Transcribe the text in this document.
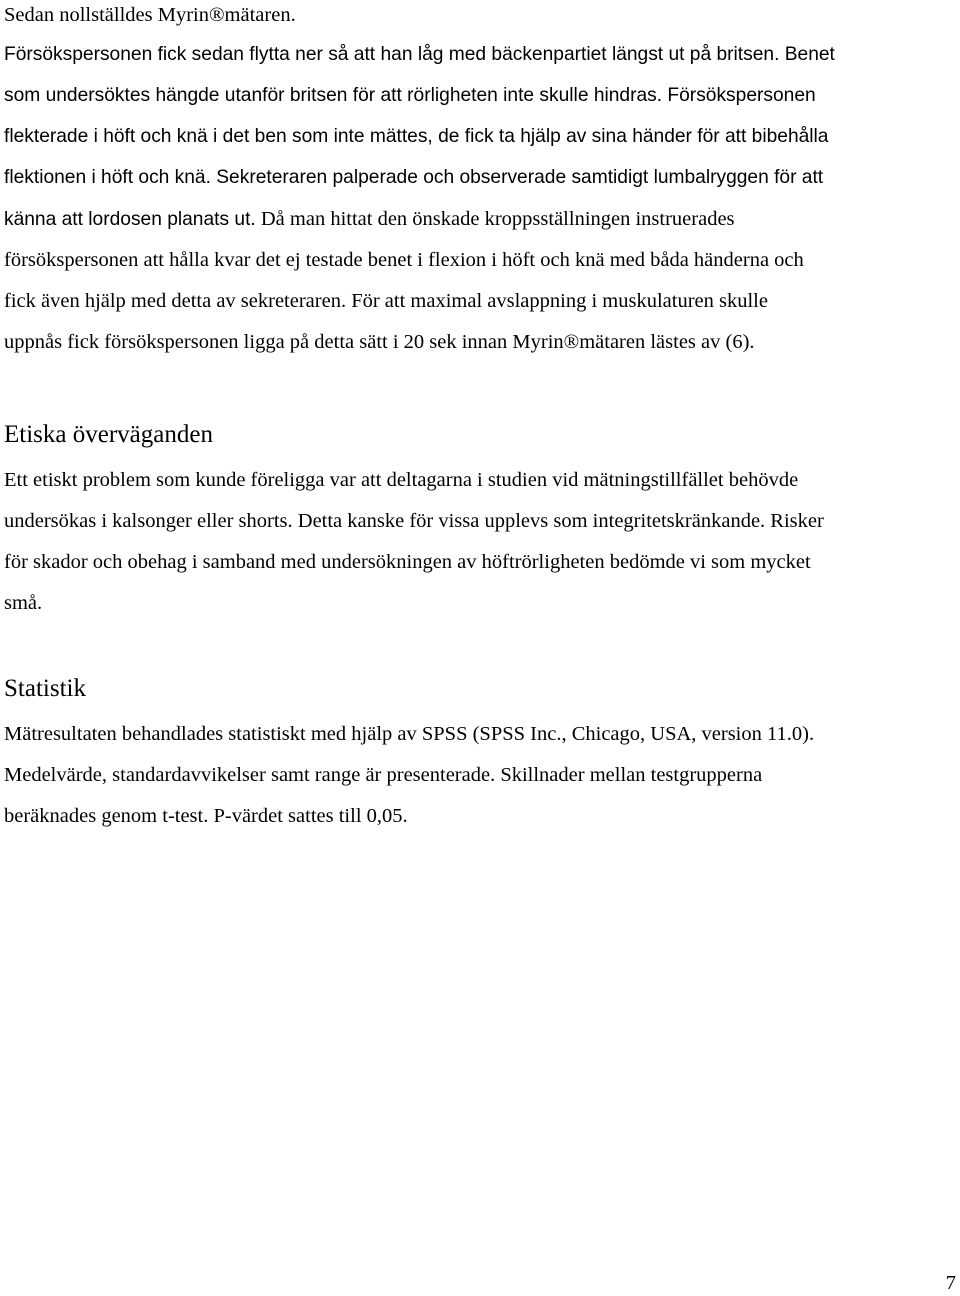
Sedan nollställdes Myrin®mätaren.
Försökspersonen fick sedan flytta ner så att han låg med bäckenpartiet längst ut på britsen. Benet
som undersöktes hängde utanför britsen för att rörligheten inte skulle hindras. Försökspersonen
flekterade i höft och knä i det ben som inte mättes, de fick ta hjälp av sina händer för att bibehålla
flektionen i höft och knä. Sekreteraren palperade och observerade samtidigt lumbalryggen för att
känna att lordosen planats ut. Då man hittat den önskade kroppsställningen instruerades
försökspersonen att hålla kvar det ej testade benet i flexion i höft och knä med båda händerna och
fick även hjälp med detta av sekreteraren. För att maximal avslappning i muskulaturen skulle
uppnås fick försökspersonen ligga på detta sätt i 20 sek innan Myrin®mätaren lästes av (6).
Etiska överväganden
Ett etiskt problem som kunde föreligga var att deltagarna i studien vid mätningstillfället behövde
undersökas i kalsonger eller shorts. Detta kanske för vissa upplevs som integritetskränkande. Risker
för skador och obehag i samband med undersökningen av höftrörligheten bedömde vi som mycket
små.
Statistik
Mätresultaten behandlades statistiskt med hjälp av SPSS (SPSS Inc., Chicago, USA, version 11.0).
Medelvärde, standardavvikelser samt range är presenterade. Skillnader mellan testgrupperna
beräknades genom t-test. P-värdet sattes till 0,05.
7
